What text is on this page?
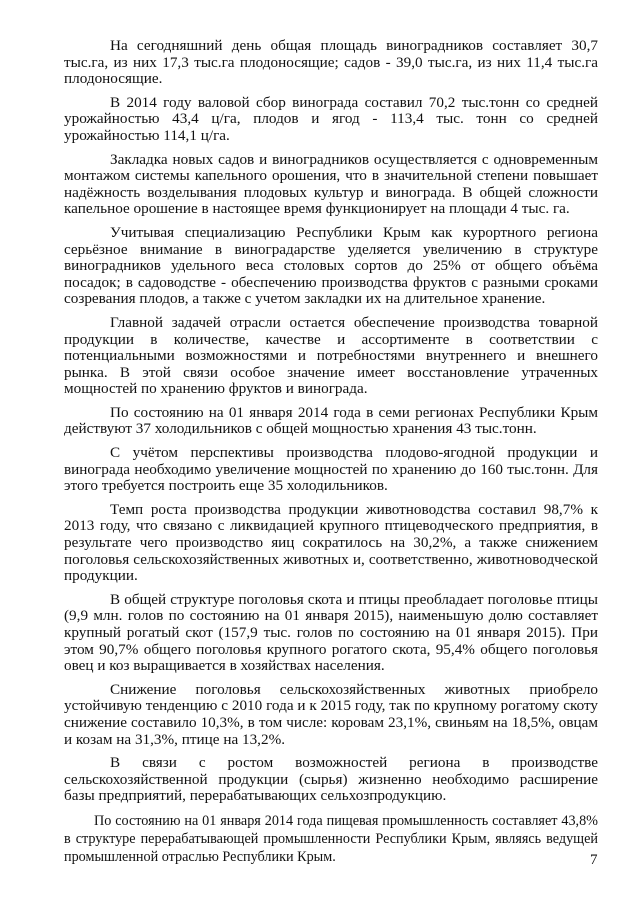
На сегодняшний день общая площадь виноградников составляет 30,7 тыс.га, из них 17,3 тыс.га плодоносящие; садов - 39,0 тыс.га, из них 11,4 тыс.га плодоносящие.

В 2014 году валовой сбор винограда составил 70,2 тыс.тонн со средней урожайностью 43,4 ц/га, плодов и ягод - 113,4 тыс. тонн со средней урожайностью 114,1 ц/га.

Закладка новых садов и виноградников осуществляется с одновременным монтажом системы капельного орошения, что в значительной степени повышает надёжность возделывания плодовых культур и винограда. В общей сложности капельное орошение в настоящее время функционирует на площади 4 тыс. га.

Учитывая специализацию Республики Крым как курортного региона серьёзное внимание в виноградарстве уделяется увеличению в структуре виноградников удельного веса столовых сортов до 25% от общего объёма посадок; в садоводстве - обеспечению производства фруктов с разными сроками созревания плодов, а также с учетом закладки их на длительное хранение.

Главной задачей отрасли остается обеспечение производства товарной продукции в количестве, качестве и ассортименте в соответствии с потенциальными возможностями и потребностями внутреннего и внешнего рынка. В этой связи особое значение имеет восстановление утраченных мощностей по хранению фруктов и винограда.

По состоянию на 01 января 2014 года в семи регионах Республики Крым действуют 37 холодильников с общей мощностью хранения 43 тыс.тонн.

С учётом перспективы производства плодово-ягодной продукции и винограда необходимо увеличение мощностей по хранению до 160 тыс.тонн. Для этого требуется построить еще 35 холодильников.

Темп роста производства продукции животноводства составил 98,7% к 2013 году, что связано с ликвидацией крупного птицеводческого предприятия, в результате чего производство яиц сократилось на 30,2%, а также снижением поголовья сельскохозяйственных животных и, соответственно, животноводческой продукции.

В общей структуре поголовья скота и птицы преобладает поголовье птицы (9,9 млн. голов по состоянию на 01 января 2015), наименьшую долю составляет крупный рогатый скот (157,9 тыс. голов по состоянию на 01 января 2015). При этом 90,7% общего поголовья крупного рогатого скота, 95,4% общего поголовья овец и коз выращивается в хозяйствах населения.

Снижение поголовья сельскохозяйственных животных приобрело устойчивую тенденцию с 2010 года и к 2015 году, так по крупному рогатому скоту снижение составило 10,3%, в том числе: коровам 23,1%, свиньям на 18,5%, овцам и козам на 31,3%, птице на 13,2%.

В связи с ростом возможностей региона в производстве сельскохозяйственной продукции (сырья) жизненно необходимо расширение базы предприятий, перерабатывающих сельхозпродукцию.

По состоянию на 01 января 2014 года пищевая промышленность составляет 43,8% в структуре перерабатывающей промышленности Республики Крым, являясь ведущей промышленной отраслью Республики Крым.	7
